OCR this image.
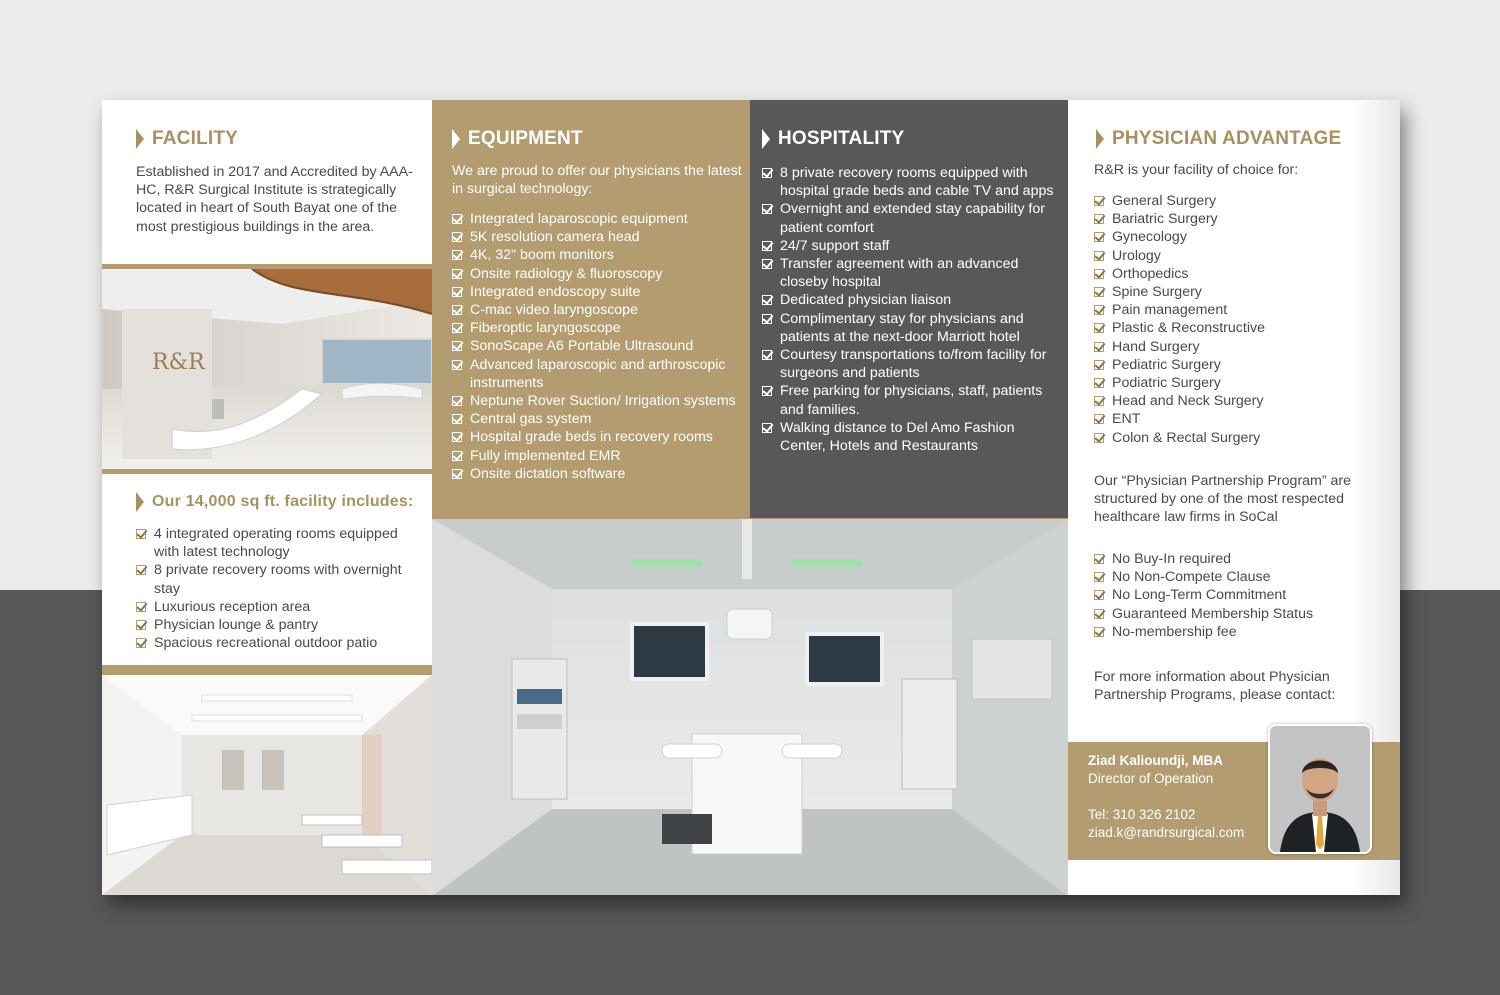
FACILITY

Established in 2017 and Accredited by AAA-HC, R&R Surgical Institute is strategically located in heart of South Bayat one of the most prestigious buildings in the area.

R&R
Our 14,000 sq ft. facility includes:
4 integrated operating rooms equipped with latest technology
8 private recovery rooms with overnight stay
Luxurious reception area
Physician lounge & pantry
Spacious recreational outdoor patio
EQUIPMENT

We are proud to offer our physicians the latest in surgical technology:

Integrated laparoscopic equipment
5K resolution camera head
4K, 32" boom monitors
Onsite radiology & fluoroscopy
Integrated endoscopy suite
C-mac video laryngoscope
Fiberoptic laryngoscope
SonoScape A6 Portable Ultrasound
Advanced laparoscopic and arthroscopic instruments
Neptune Rover Suction/ Irrigation systems
Central gas system
Hospital grade beds in recovery rooms
Fully implemented EMR
Onsite dictation software
HOSPITALITY
8 private recovery rooms equipped with hospital grade beds and cable TV and apps
Overnight and extended stay capability for patient comfort
24/7 support staff
Transfer agreement with an advanced closeby hospital
Dedicated physician liaison
Complimentary stay for physicians and patients at the next-door Marriott hotel
Courtesy transportations to/from facility for surgeons and patients
Free parking for physicians, staff, patients and families.
Walking distance to Del Amo Fashion Center, Hotels and Restaurants
PHYSICIAN ADVANTAGE

R&R is your facility of choice for:

General Surgery
Bariatric Surgery
Gynecology
Urology
Orthopedics
Spine Surgery
Pain management
Plastic & Reconstructive
Hand Surgery
Pediatric Surgery
Podiatric Surgery
Head and Neck Surgery
ENT
Colon & Rectal Surgery

Our “Physician Partnership Program” are structured by one of the most respected healthcare law firms in SoCal

No Buy-In required
No Non-Compete Clause
No Long-Term Commitment
Guaranteed Membership Status
No-membership fee

For more information about Physician Partnership Programs, please contact:

Ziad Kalioundji, MBA
Director of Operation
Tel: 310 326 2102
ziad.k@randrsurgical.com
